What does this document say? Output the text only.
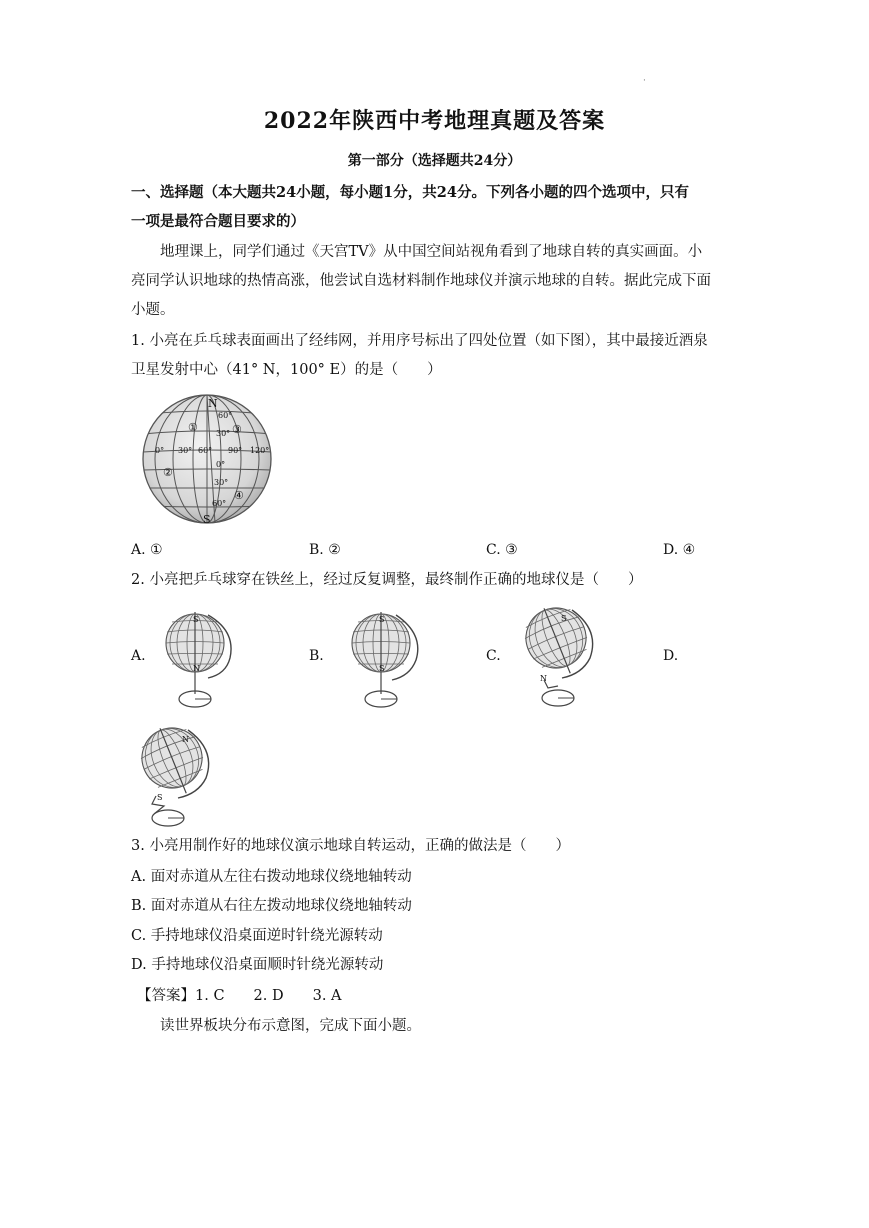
·
2022年陕西中考地理真题及答案
第一部分（选择题共24分）
一、选择题（本大题共24小题，每小题1分，共24分。下列各小题的四个选项中，只有
一项是最符合题目要求的）
地理课上，同学们通过《天宫TV》从中国空间站视角看到了地球自转的真实画面。小
亮同学认识地球的热情高涨，他尝试自选材料制作地球仪并演示地球的自转。据此完成下面
小题。
1. 小亮在乒乓球表面画出了经纬网，并用序号标出了四处位置（如下图），其中最接近酒泉
卫星发射中心（41° N，100° E）的是（　　）
N
S
①
②
③
④
0° 30° 60° 90° 120°
60°
30°
0°
30°
60°
A. ①	B. ②	C. ③	D. ④
2. 小亮把乒乓球穿在铁丝上，经过反复调整，最终制作正确的地球仪是（　　）
A.	B.	C.	D.
S
N
S
S
S
N
N
S
3. 小亮用制作好的地球仪演示地球自转运动，正确的做法是（　　）
A. 面对赤道从左往右拨动地球仪绕地轴转动
B. 面对赤道从右往左拨动地球仪绕地轴转动
C. 手持地球仪沿桌面逆时针绕光源转动
D. 手持地球仪沿桌面顺时针绕光源转动
【答案】1. C　　2. D　　3. A
读世界板块分布示意图，完成下面小题。
